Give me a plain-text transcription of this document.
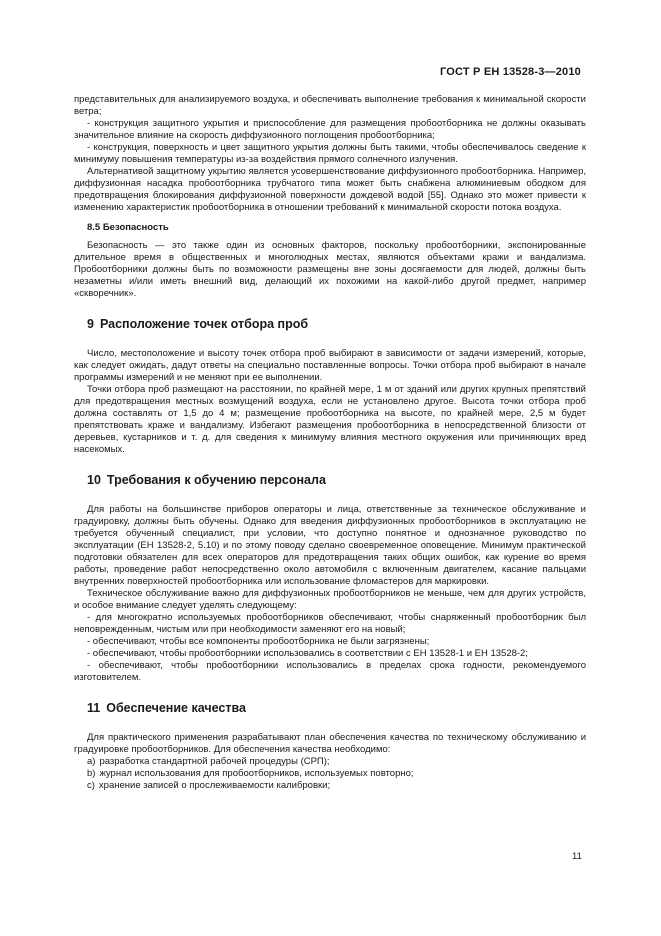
ГОСТ Р ЕН 13528-3—2010

представительных для анализируемого воздуха, и обеспечивать выполнение требования к минимальной скорости ветра;

- конструкция защитного укрытия и приспособление для размещения пробоотборника не должны оказывать значительное влияние на скорость диффузионного поглощения пробоотборника;

- конструкция, поверхность и цвет защитного укрытия должны быть такими, чтобы обеспечивалось сведение к минимуму повышения температуры из-за воздействия прямого солнечного излучения.

Альтернативой защитному укрытию является усовершенствование диффузионного пробоотборника. Например, диффузионная насадка пробоотборника трубчатого типа может быть снабжена алюминиевым ободком для предотвращения блокирования диффузионной поверхности дождевой водой [55]. Однако это может привести к изменению характеристик пробоотборника в отношении требований к минимальной скорости потока воздуха.

8.5 Безопасность

Безопасность — это также один из основных факторов, поскольку пробоотборники, экспонированные длительное время в общественных и многолюдных местах, являются объектами кражи и вандализма. Пробоотборники должны быть по возможности размещены вне зоны досягаемости для людей, должны быть незаметны и/или иметь внешний вид, делающий их похожими на какой-либо другой предмет, например «скворечник».

9 Расположение точек отбора проб

Число, местоположение и высоту точек отбора проб выбирают в зависимости от задачи измерений, которые, как следует ожидать, дадут ответы на специально поставленные вопросы. Точки отбора проб выбирают в начале программы измерений и не меняют при ее выполнении.

Точки отбора проб размещают на расстоянии, по крайней мере, 1 м от зданий или других крупных препятствий для предотвращения местных возмущений воздуха, если не установлено другое. Высота точки отбора проб должна составлять от 1,5 до 4 м; размещение пробоотборника на высоте, по крайней мере, 2,5 м будет препятствовать краже и вандализму. Избегают размещения пробоотборника в непосредственной близости от деревьев, кустарников и т. д. для сведения к минимуму влияния местного окружения или причиняющих вред насекомых.

10 Требования к обучению персонала

Для работы на большинстве приборов операторы и лица, ответственные за техническое обслуживание и градуировку, должны быть обучены. Однако для введения диффузионных пробоотборников в эксплуатацию не требуется обученный специалист, при условии, что доступно понятное и однозначное руководство по эксплуатации (ЕН 13528-2, 5.10) и по этому поводу сделано своевременное оповещение. Минимум практической подготовки обязателен для всех операторов для предотвращения таких общих ошибок, как курение во время работы, проведение работ непосредственно около автомобиля с включенным двигателем, касание пальцами внутренних поверхностей пробоотборника или использование фломастеров для маркировки.

Техническое обслуживание важно для диффузионных пробоотборников не меньше, чем для других устройств, и особое внимание следует уделять следующему:

- для многократно используемых пробоотборников обеспечивают, чтобы снаряженный пробоотборник был неповрежденным, чистым или при необходимости заменяют его на новый;

- обеспечивают, чтобы все компоненты пробоотборника не были загрязнены;

- обеспечивают, чтобы пробоотборники использовались в соответствии с ЕН 13528-1 и ЕН 13528-2;

- обеспечивают, чтобы пробоотборники использовались в пределах срока годности, рекомендуемого изготовителем.

11 Обеспечение качества

Для практического применения разрабатывают план обеспечения качества по техническому обслуживанию и градуировке пробоотборников. Для обеспечения качества необходимо:

a) разработка стандартной рабочей процедуры (СРП);

b) журнал использования для пробоотборников, используемых повторно;

c) хранение записей о прослеживаемости калибровки;

11
